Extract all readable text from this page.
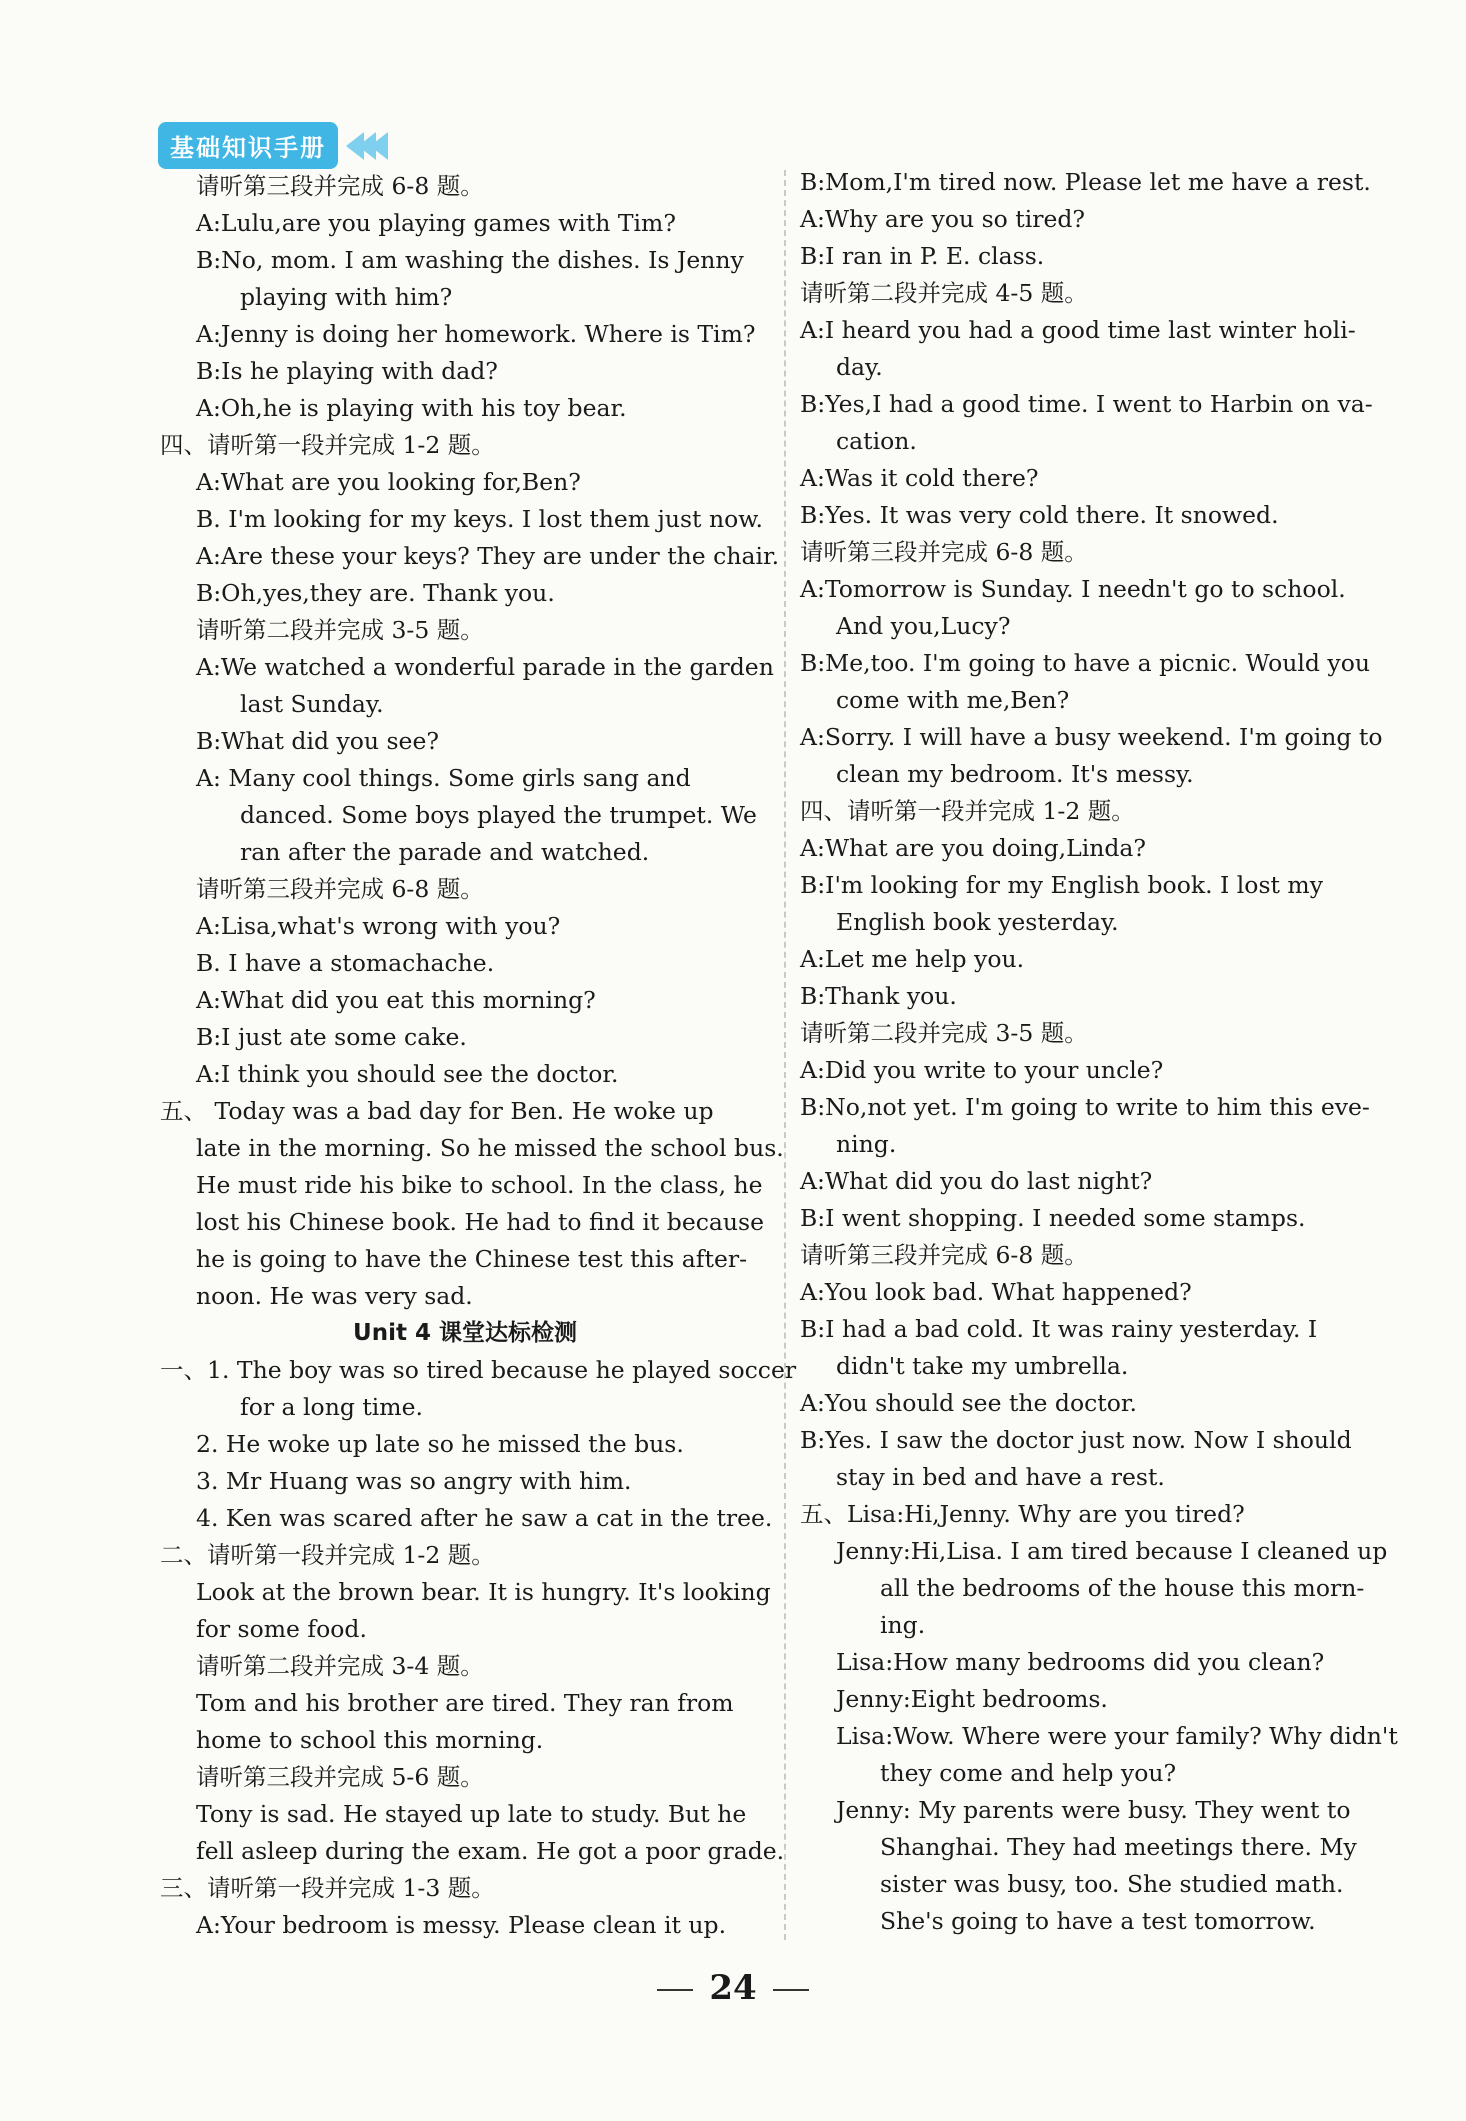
基础知识手册
请听第三段并完成 6-8 题。
A:Lulu,are you playing games with Tim?
B:No, mom. I am washing the dishes. Is Jenny
playing with him?
A:Jenny is doing her homework. Where is Tim?
B:Is he playing with dad?
A:Oh,he is playing with his toy bear.
四、请听第一段并完成 1-2 题。
A:What are you looking for,Ben?
B. I'm looking for my keys. I lost them just now.
A:Are these your keys? They are under the chair.
B:Oh,yes,they are. Thank you.
请听第二段并完成 3-5 题。
A:We watched a wonderful parade in the garden
last Sunday.
B:What did you see?
A: Many cool things. Some girls sang and
danced. Some boys played the trumpet. We
ran after the parade and watched.
请听第三段并完成 6-8 题。
A:Lisa,what's wrong with you?
B. I have a stomachache.
A:What did you eat this morning?
B:I just ate some cake.
A:I think you should see the doctor.
五、 Today was a bad day for Ben. He woke up
late in the morning. So he missed the school bus.
He must ride his bike to school. In the class, he
lost his Chinese book. He had to find it because
he is going to have the Chinese test this after-
noon. He was very sad.
Unit 4 课堂达标检测
一、1. The boy was so tired because he played soccer
for a long time.
2. He woke up late so he missed the bus.
3. Mr Huang was so angry with him.
4. Ken was scared after he saw a cat in the tree.
二、请听第一段并完成 1-2 题。
Look at the brown bear. It is hungry. It's looking
for some food.
请听第二段并完成 3-4 题。
Tom and his brother are tired. They ran from
home to school this morning.
请听第三段并完成 5-6 题。
Tony is sad. He stayed up late to study. But he
fell asleep during the exam. He got a poor grade.
三、请听第一段并完成 1-3 题。
A:Your bedroom is messy. Please clean it up.
B:Mom,I'm tired now. Please let me have a rest.
A:Why are you so tired?
B:I ran in P. E. class.
请听第二段并完成 4-5 题。
A:I heard you had a good time last winter holi-
day.
B:Yes,I had a good time. I went to Harbin on va-
cation.
A:Was it cold there?
B:Yes. It was very cold there. It snowed.
请听第三段并完成 6-8 题。
A:Tomorrow is Sunday. I needn't go to school.
And you,Lucy?
B:Me,too. I'm going to have a picnic. Would you
come with me,Ben?
A:Sorry. I will have a busy weekend. I'm going to
clean my bedroom. It's messy.
四、请听第一段并完成 1-2 题。
A:What are you doing,Linda?
B:I'm looking for my English book. I lost my
English book yesterday.
A:Let me help you.
B:Thank you.
请听第二段并完成 3-5 题。
A:Did you write to your uncle?
B:No,not yet. I'm going to write to him this eve-
ning.
A:What did you do last night?
B:I went shopping. I needed some stamps.
请听第三段并完成 6-8 题。
A:You look bad. What happened?
B:I had a bad cold. It was rainy yesterday. I
didn't take my umbrella.
A:You should see the doctor.
B:Yes. I saw the doctor just now. Now I should
stay in bed and have a rest.
五、Lisa:Hi,Jenny. Why are you tired?
Jenny:Hi,Lisa. I am tired because I cleaned up
all the bedrooms of the house this morn-
ing.
Lisa:How many bedrooms did you clean?
Jenny:Eight bedrooms.
Lisa:Wow. Where were your family? Why didn't
they come and help you?
Jenny: My parents were busy. They went to
Shanghai. They had meetings there. My
sister was busy, too. She studied math.
She's going to have a test tomorrow.
24
